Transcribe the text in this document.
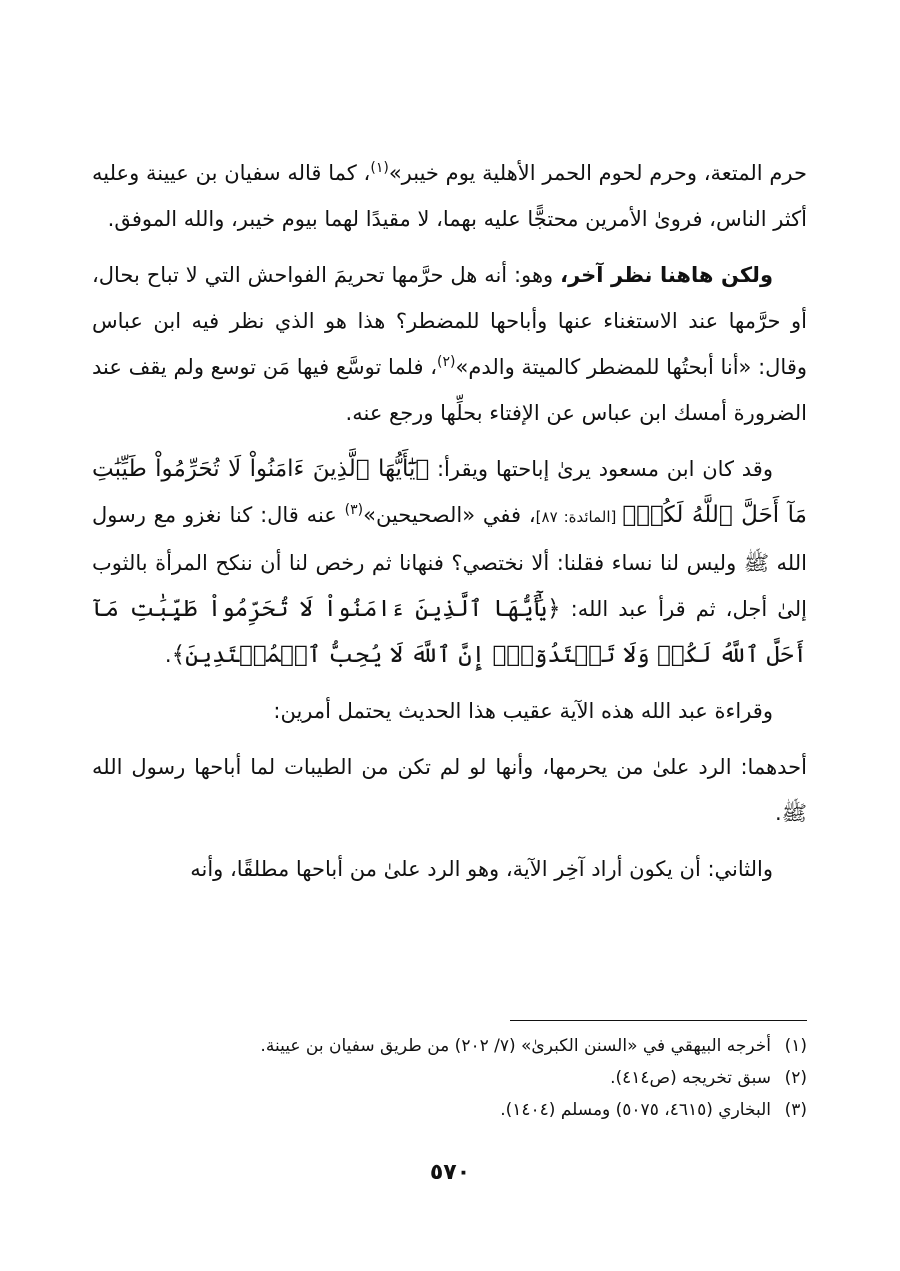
حرم المتعة، وحرم لحوم الحمر الأهلية يوم خيبر»$^{(١)}$، كما قاله سفيان بن عيينة وعليه أكثر الناس، فروىٰ الأمرين محتجًّا عليه بهما، لا مقيدًا لهما بيوم خيبر، والله الموفق.

ولكن هاهنا نظر آخر، وهو: أنه هل حرَّمها تحريمَ الفواحش التي لا تباح بحال، أو حرَّمها عند الاستغناء عنها وأباحها للمضطر؟ هذا هو الذي نظر فيه ابن عباس وقال: «أنا أبحتُها للمضطر كالميتة والدم»$^{(٢)}$، فلما توسَّع فيها مَن توسع ولم يقف عند الضرورة أمسك ابن عباس عن الإفتاء بحلِّها ورجع عنه.

وقد كان ابن مسعود يرىٰ إباحتها ويقرأ: ﴿يَٰٓأَيُّهَا ٱلَّذِينَ ءَامَنُواْ لَا تُحَرِّمُواْ طَيِّبَٰتِ مَآ أَحَلَّ ٱللَّهُ لَكُمۡ﴾ [المائدة: ٨٧]، ففي «الصحيحين»$^{(٣)}$ عنه قال: كنا نغزو مع رسول الله ﷺ وليس لنا نساء فقلنا: ألا نختصي؟ فنهانا ثم رخص لنا أن ننكح المرأة بالثوب إلىٰ أجل، ثم قرأ عبد الله: ﴿يَٰٓأَيُّهَا ٱلَّذِينَ ءَامَنُواْ لَا تُحَرِّمُواْ طَيِّبَٰتِ مَآ أَحَلَّ ٱللَّهُ لَكُمۡ وَلَا تَعۡتَدُوٓاْۚ إِنَّ ٱللَّهَ لَا يُحِبُّ ٱلۡمُعۡتَدِينَ﴾.

وقراءة عبد الله هذه الآية عقيب هذا الحديث يحتمل أمرين:

أحدهما: الرد علىٰ من يحرمها، وأنها لو لم تكن من الطيبات لما أباحها رسول الله ﷺ.

والثاني: أن يكون أراد آخِر الآية، وهو الرد علىٰ من أباحها مطلقًا، وأنه

(١)أخرجه البيهقي في «السنن الكبرىٰ» (٧/ ٢٠٢) من طريق سفيان بن عيينة.

(٢)سبق تخريجه (ص٤١٤).

(٣)البخاري (٤٦١٥، ٥٠٧٥) ومسلم (١٤٠٤).

٥٧٠
